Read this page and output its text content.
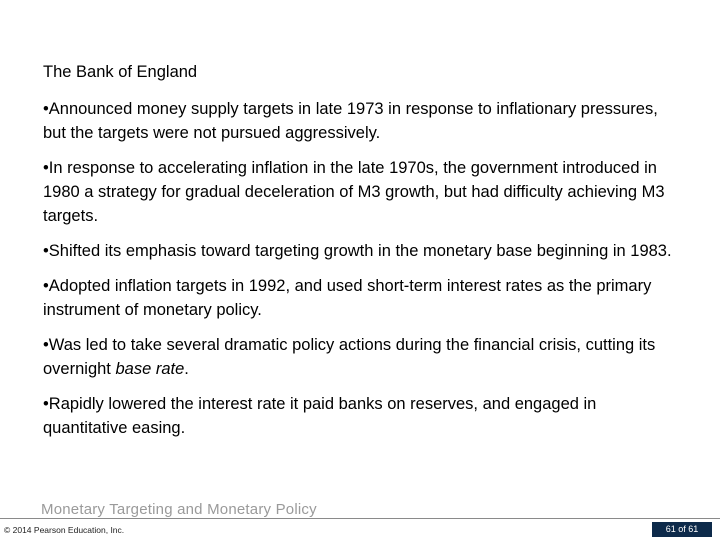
The Bank of England
•Announced money supply targets in late 1973 in response to inflationary pressures, but the targets were not pursued aggressively.
•In response to accelerating inflation in the late 1970s, the government introduced in 1980 a strategy for gradual deceleration of M3 growth, but had difficulty achieving M3 targets.
•Shifted its emphasis toward targeting growth in the monetary base beginning in 1983.
•Adopted inflation targets in 1992, and used short-term interest rates as the primary instrument of monetary policy.
•Was led to take several dramatic policy actions during the financial crisis, cutting its overnight base rate.
•Rapidly lowered the interest rate it paid banks on reserves, and engaged in quantitative easing.
Monetary Targeting and Monetary Policy
© 2014 Pearson Education, Inc.	61 of 61
